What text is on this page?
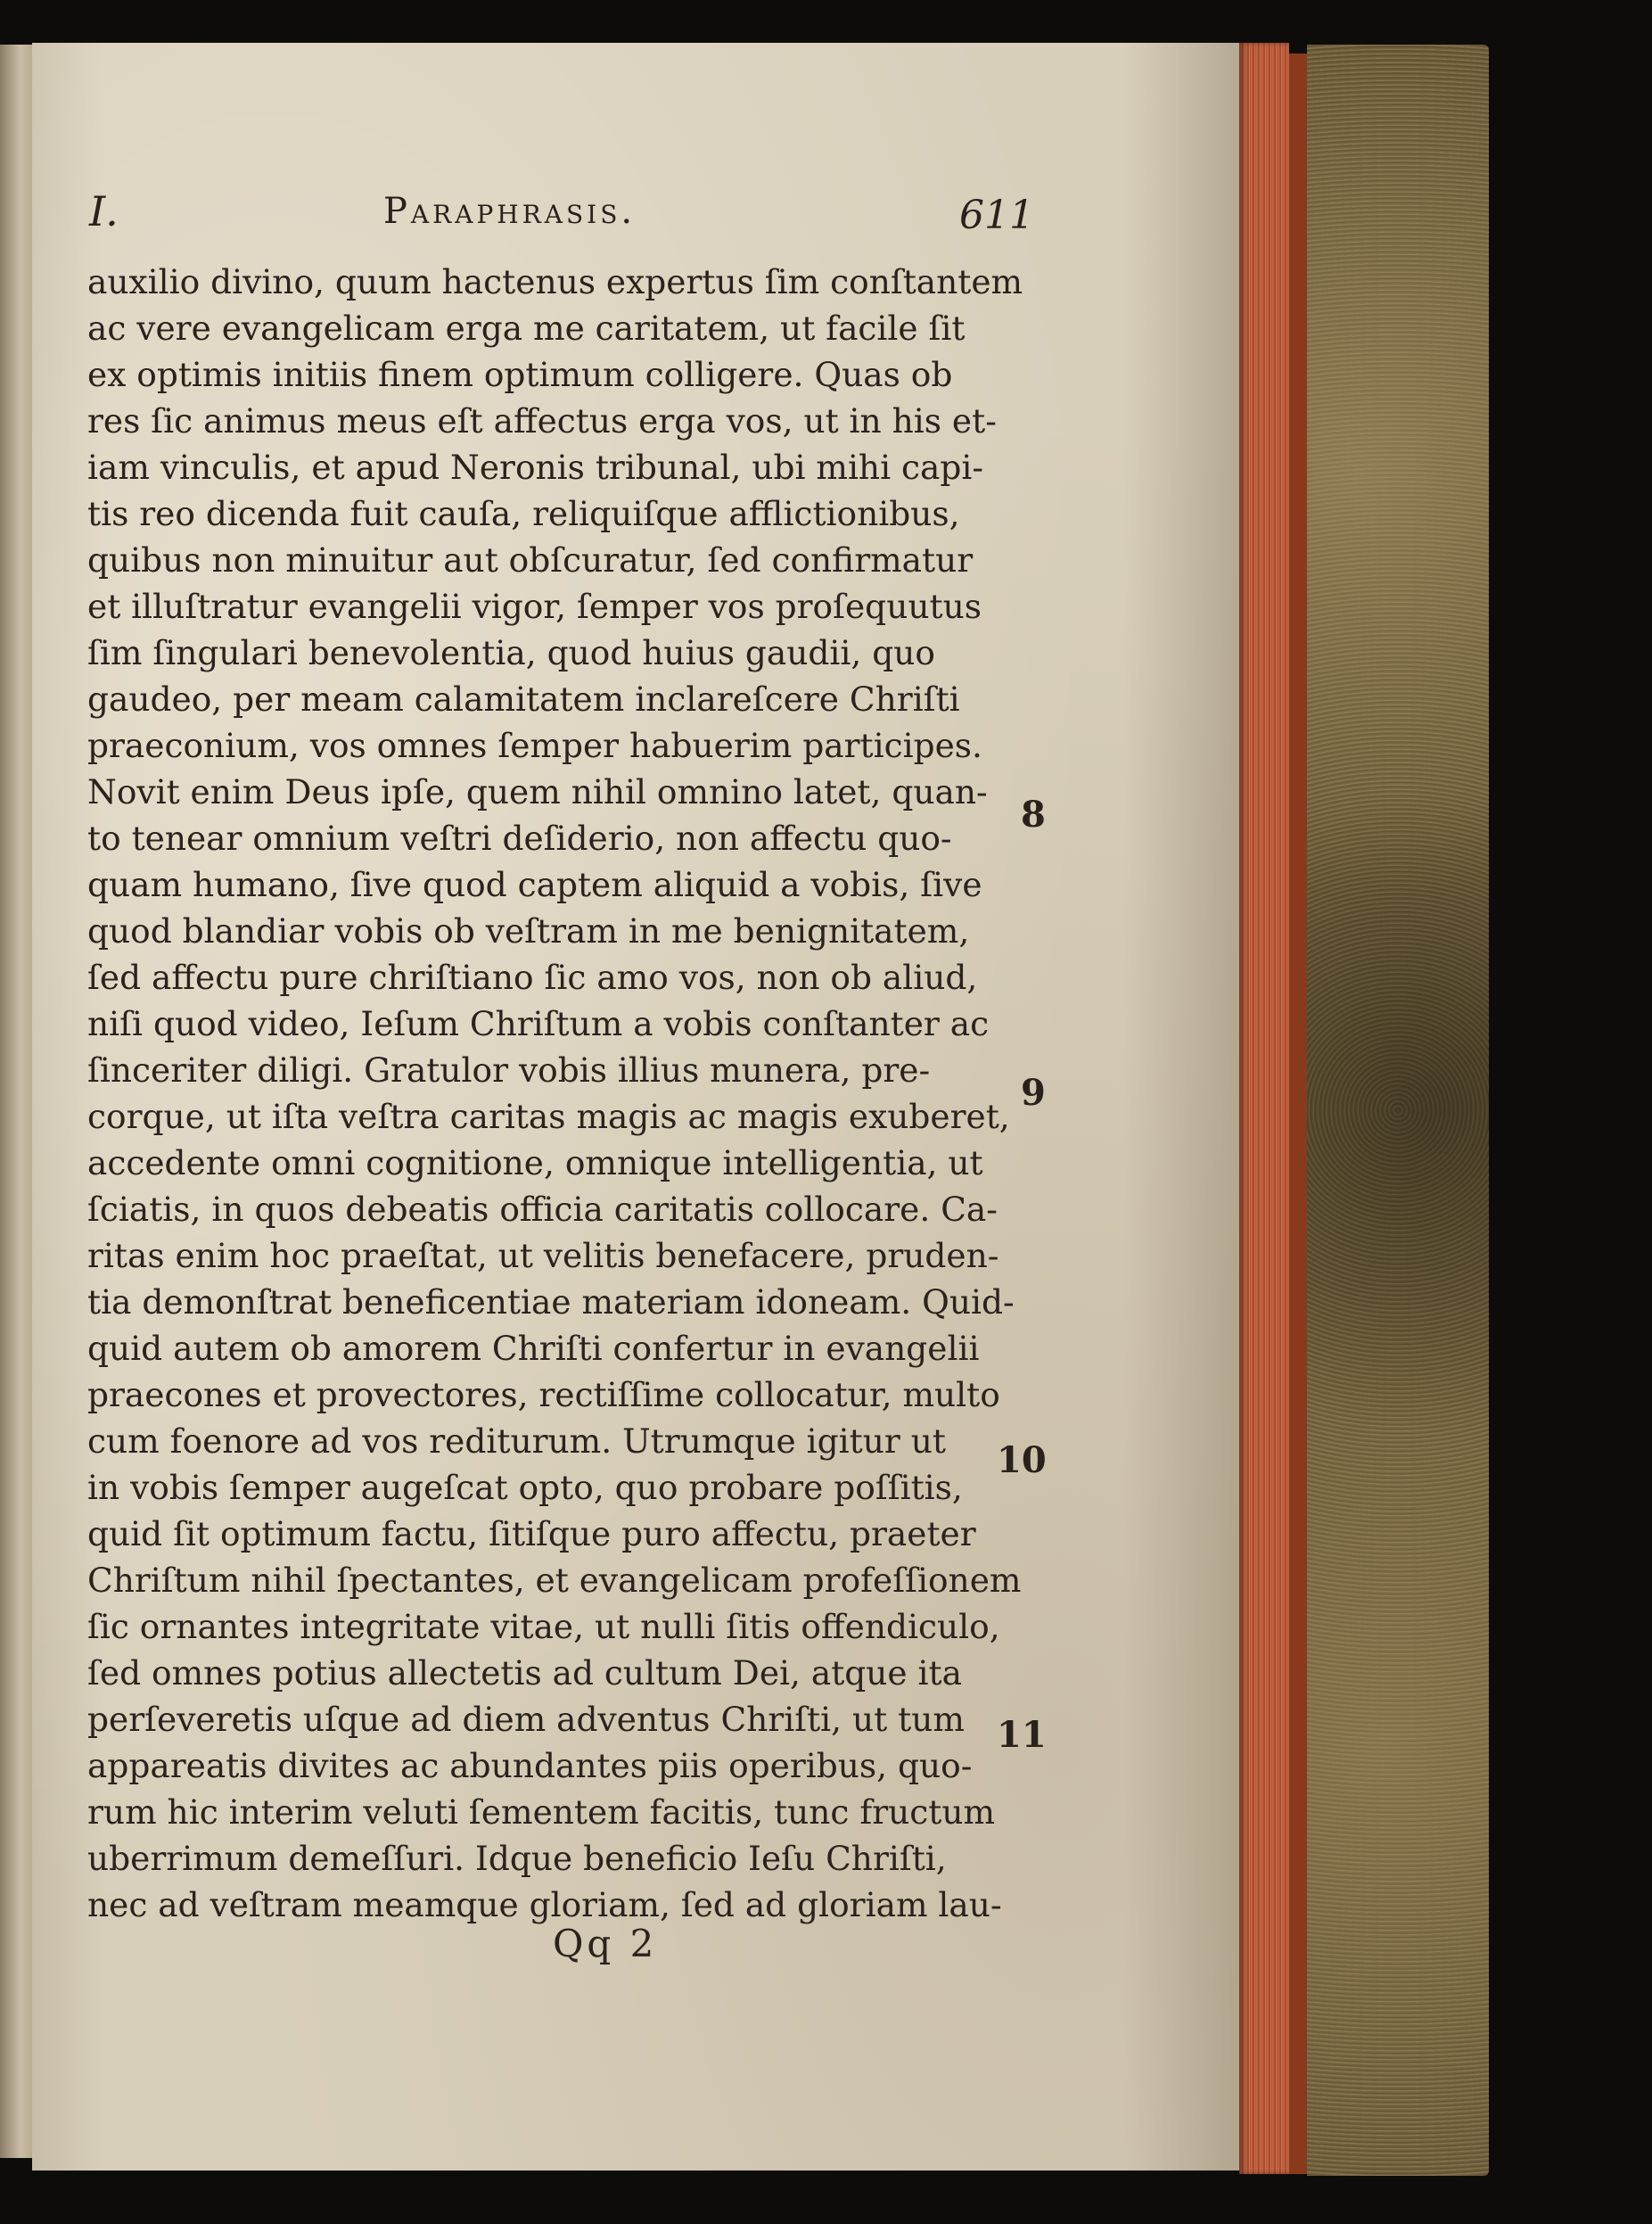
I.	Paraphrasis.	611
auxilio divino, quum hactenus expertus ſim conſtantem
ac vere evangelicam erga me caritatem, ut facile ſit
ex optimis initiis finem optimum colligere. Quas ob
res ſic animus meus eſt affectus erga vos, ut in his et-
iam vinculis, et apud Neronis tribunal, ubi mihi capi-
tis reo dicenda fuit cauſa, reliquiſque afflictionibus,
quibus non minuitur aut obſcuratur, ſed confirmatur
et illuſtratur evangelii vigor, ſemper vos proſequutus
ſim ſingulari benevolentia, quod huius gaudii, quo
gaudeo, per meam calamitatem inclareſcere Chriſti
praeconium, vos omnes ſemper habuerim participes.
Novit enim Deus ipſe, quem nihil omnino latet, quan-
to tenear omnium veſtri deſiderio, non affectu quo-
quam humano, ſive quod captem aliquid a vobis, ſive
quod blandiar vobis ob veſtram in me benignitatem,
ſed affectu pure chriſtiano ſic amo vos, non ob aliud,
niſi quod video, Ieſum Chriſtum a vobis conſtanter ac
ſinceriter diligi. Gratulor vobis illius munera, pre-
corque, ut iſta veſtra caritas magis ac magis exuberet,
accedente omni cognitione, omnique intelligentia, ut
ſciatis, in quos debeatis officia caritatis collocare. Ca-
ritas enim hoc praeſtat, ut velitis benefacere, pruden-
tia demonſtrat beneficentiae materiam idoneam. Quid-
quid autem ob amorem Chriſti confertur in evangelii
praecones et provectores, rectiſſime collocatur, multo
cum foenore ad vos rediturum. Utrumque igitur ut
in vobis ſemper augeſcat opto, quo probare poſſitis,
quid ſit optimum factu, ſitiſque puro affectu, praeter
Chriſtum nihil ſpectantes, et evangelicam profeſſionem
ſic ornantes integritate vitae, ut nulli ſitis offendiculo,
ſed omnes potius allectetis ad cultum Dei, atque ita
perſeveretis uſque ad diem adventus Chriſti, ut tum
appareatis divites ac abundantes piis operibus, quo-
rum hic interim veluti ſementem facitis, tunc fructum
uberrimum demeſſuri. Idque beneficio Ieſu Chriſti,
nec ad veſtram meamque gloriam, ſed ad gloriam lau-
8
9
10
11
Qq 2
